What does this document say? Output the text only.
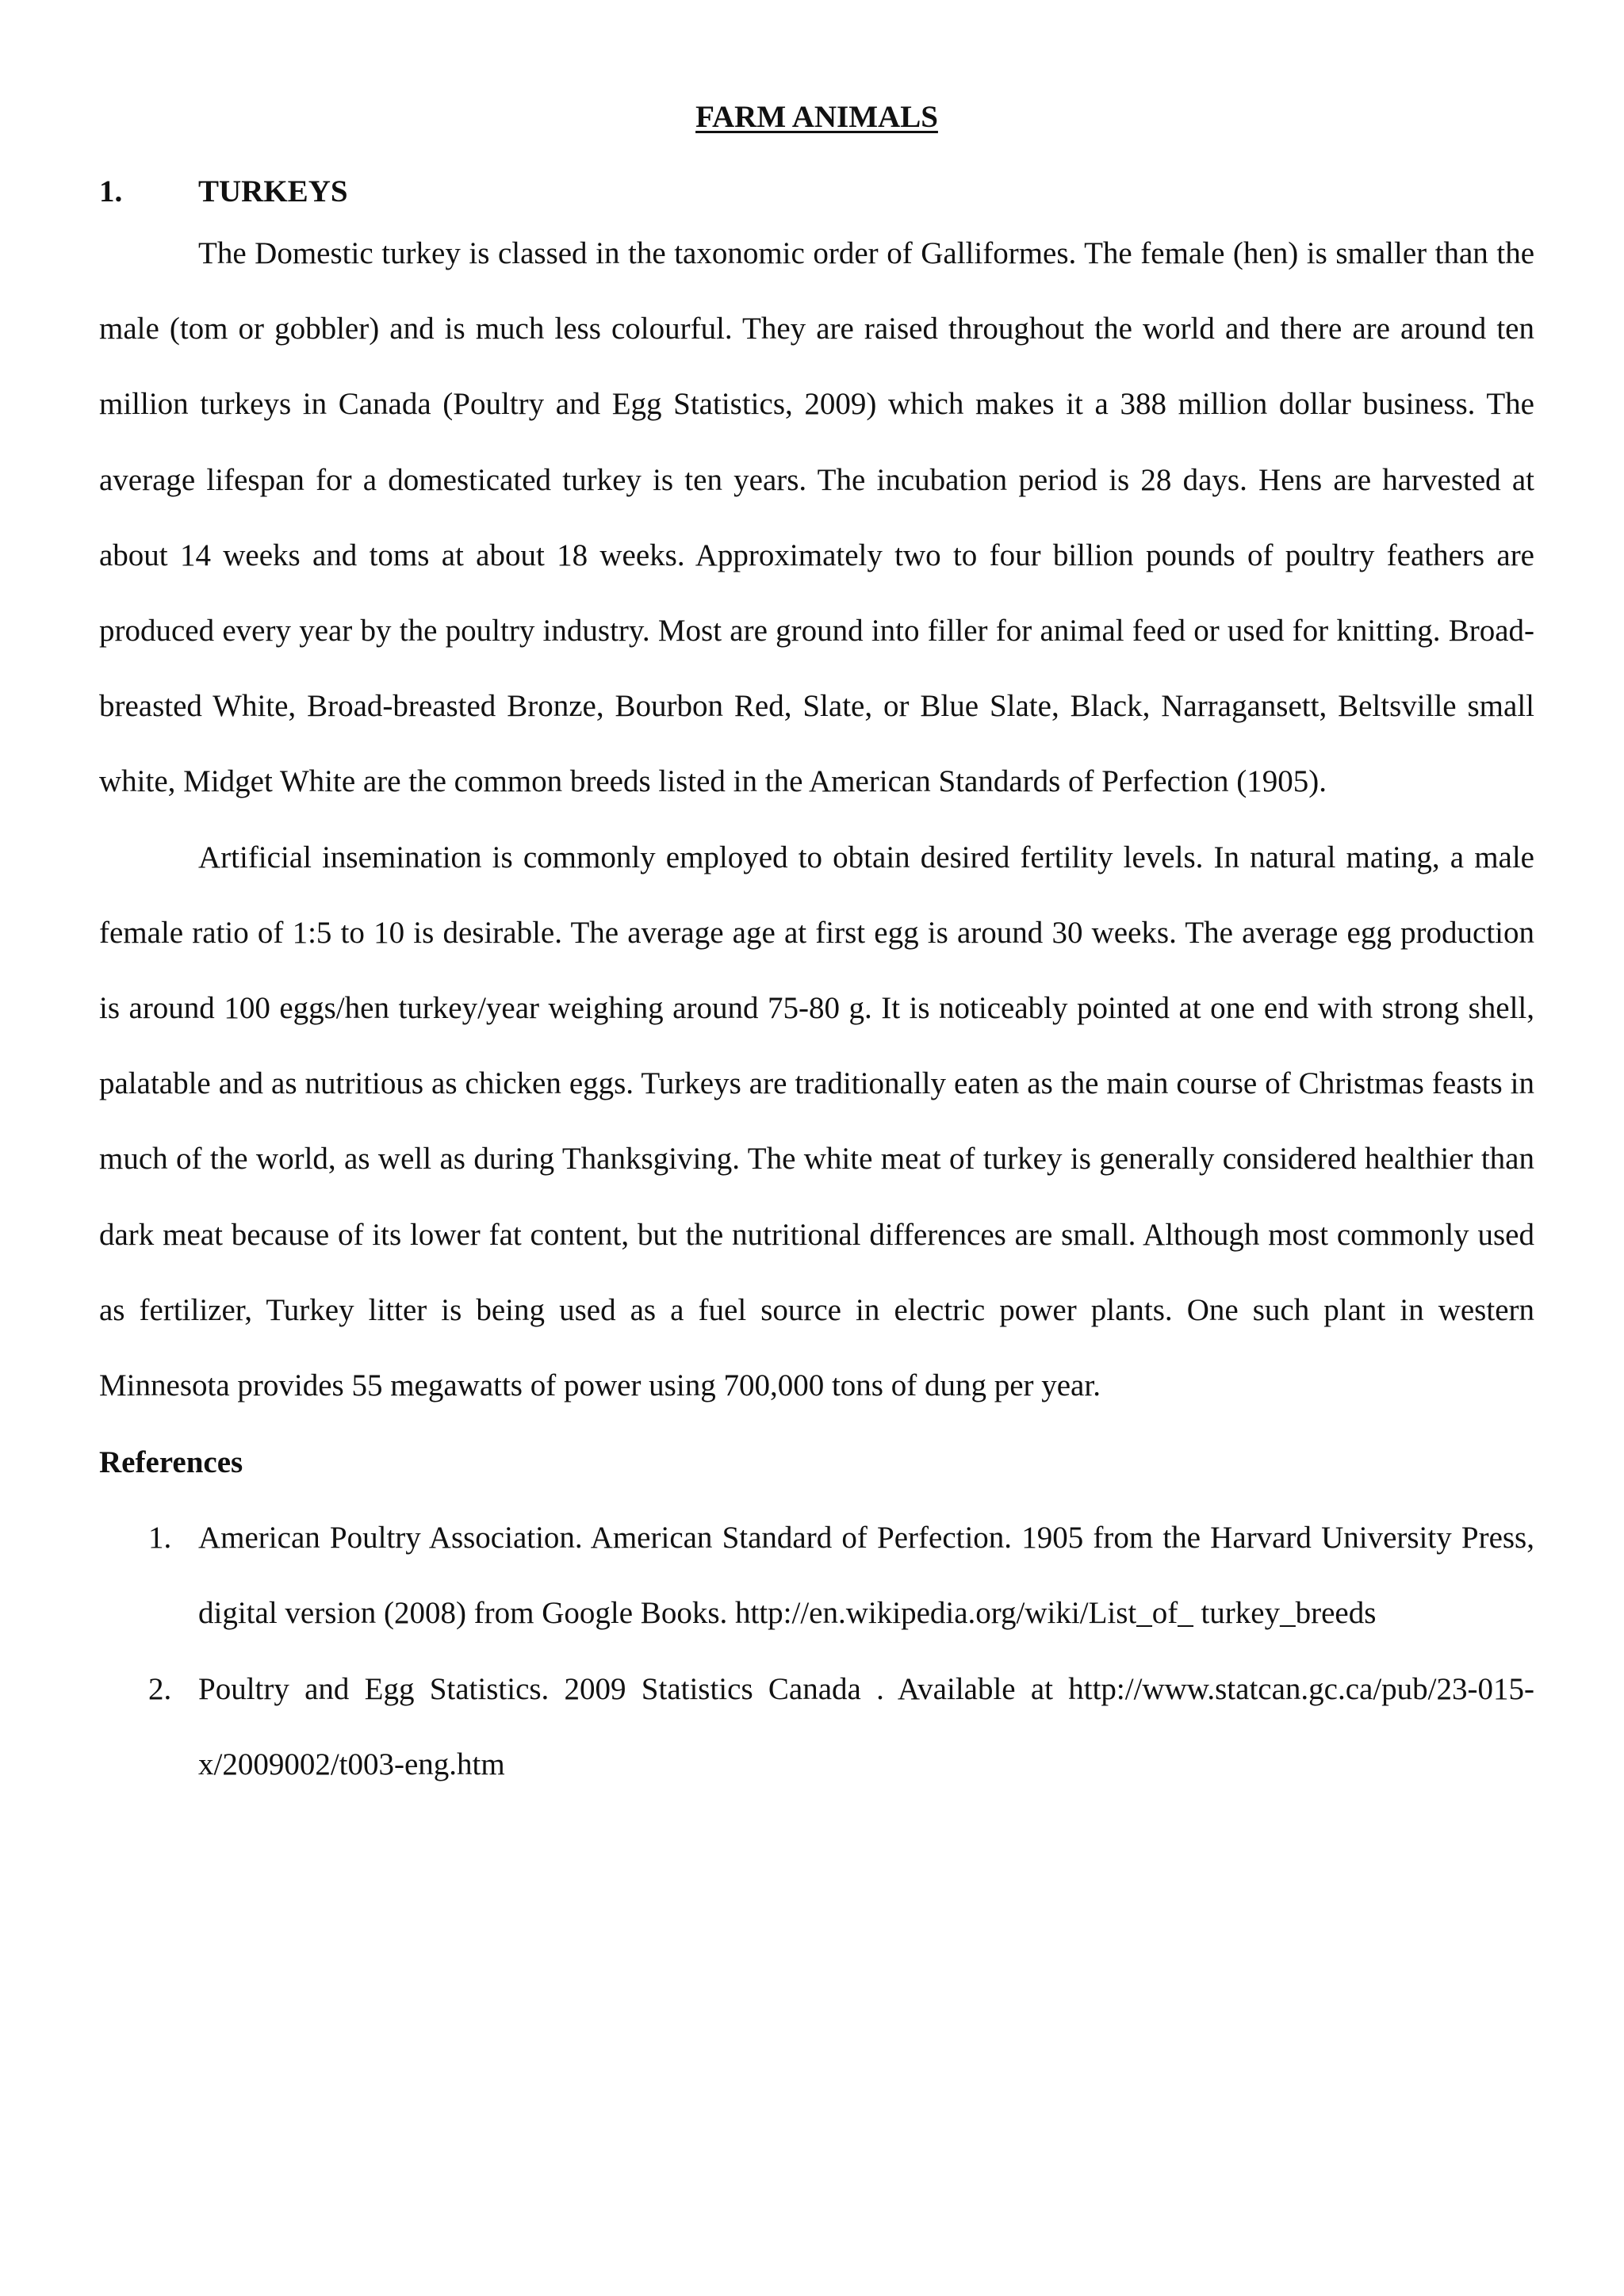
FARM ANIMALS
1. TURKEYS

The Domestic turkey is classed in the taxonomic order of Galliformes. The female (hen) is smaller than the male (tom or gobbler) and is much less colourful. They are raised throughout the world and there are around ten million turkeys in Canada (Poultry and Egg Statistics, 2009) which makes it a 388 million dollar business. The average lifespan for a domesticated turkey is ten years. The incubation period is 28 days. Hens are harvested at about 14 weeks and toms at about 18 weeks. Approximately two to four billion pounds of poultry feathers are produced every year by the poultry industry. Most are ground into filler for animal feed or used for knitting. Broad-breasted White, Broad-breasted Bronze, Bourbon Red, Slate, or Blue Slate, Black, Narragansett, Beltsville small white, Midget White are the common breeds listed in the American Standards of Perfection (1905).

Artificial insemination is commonly employed to obtain desired fertility levels. In natural mating, a male female ratio of 1:5 to 10 is desirable. The average age at first egg is around 30 weeks. The average egg production is around 100 eggs/hen turkey/year weighing around 75-80 g. It is noticeably pointed at one end with strong shell, palatable and as nutritious as chicken eggs. Turkeys are traditionally eaten as the main course of Christmas feasts in much of the world, as well as during Thanksgiving. The white meat of turkey is generally considered healthier than dark meat because of its lower fat content, but the nutritional differences are small. Although most commonly used as fertilizer, Turkey litter is being used as a fuel source in electric power plants. One such plant in western Minnesota provides 55 megawatts of power using 700,000 tons of dung per year.

References
1. American Poultry Association. American Standard of Perfection. 1905 from the Harvard University Press, digital version (2008) from Google Books. http://en.wikipedia.org/wiki/List_of_ turkey_breeds
2. Poultry and Egg Statistics. 2009 Statistics Canada . Available at http://www.statcan.gc.ca/pub/23-015-x/2009002/t003-eng.htm
